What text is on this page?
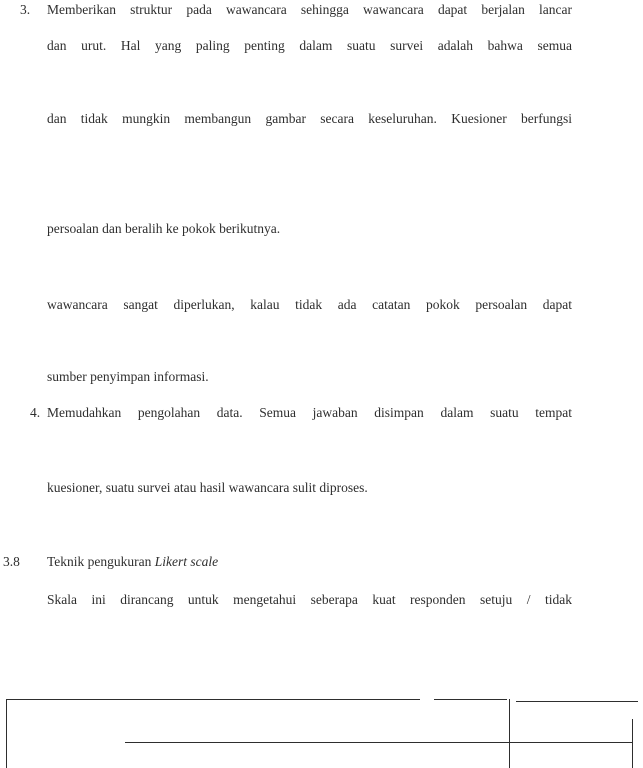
3. Memberikan struktur pada wawancara sehingga wawancara dapat berjalan lancar
dan urut. Hal yang paling penting dalam suatu survei adalah bahwa semua
dan tidak mungkin membangun gambar secara keseluruhan. Kuesioner berfungsi
persoalan dan beralih ke pokok berikutnya.
wawancara sangat diperlukan, kalau tidak ada catatan pokok persoalan dapat
sumber penyimpan informasi.
4. Memudahkan pengolahan data. Semua jawaban disimpan dalam suatu tempat
kuesioner, suatu survei atau hasil wawancara sulit diproses.
3.8 Teknik pengukuran Likert scale
Skala ini dirancang untuk mengetahui seberapa kuat responden setuju / tidak
